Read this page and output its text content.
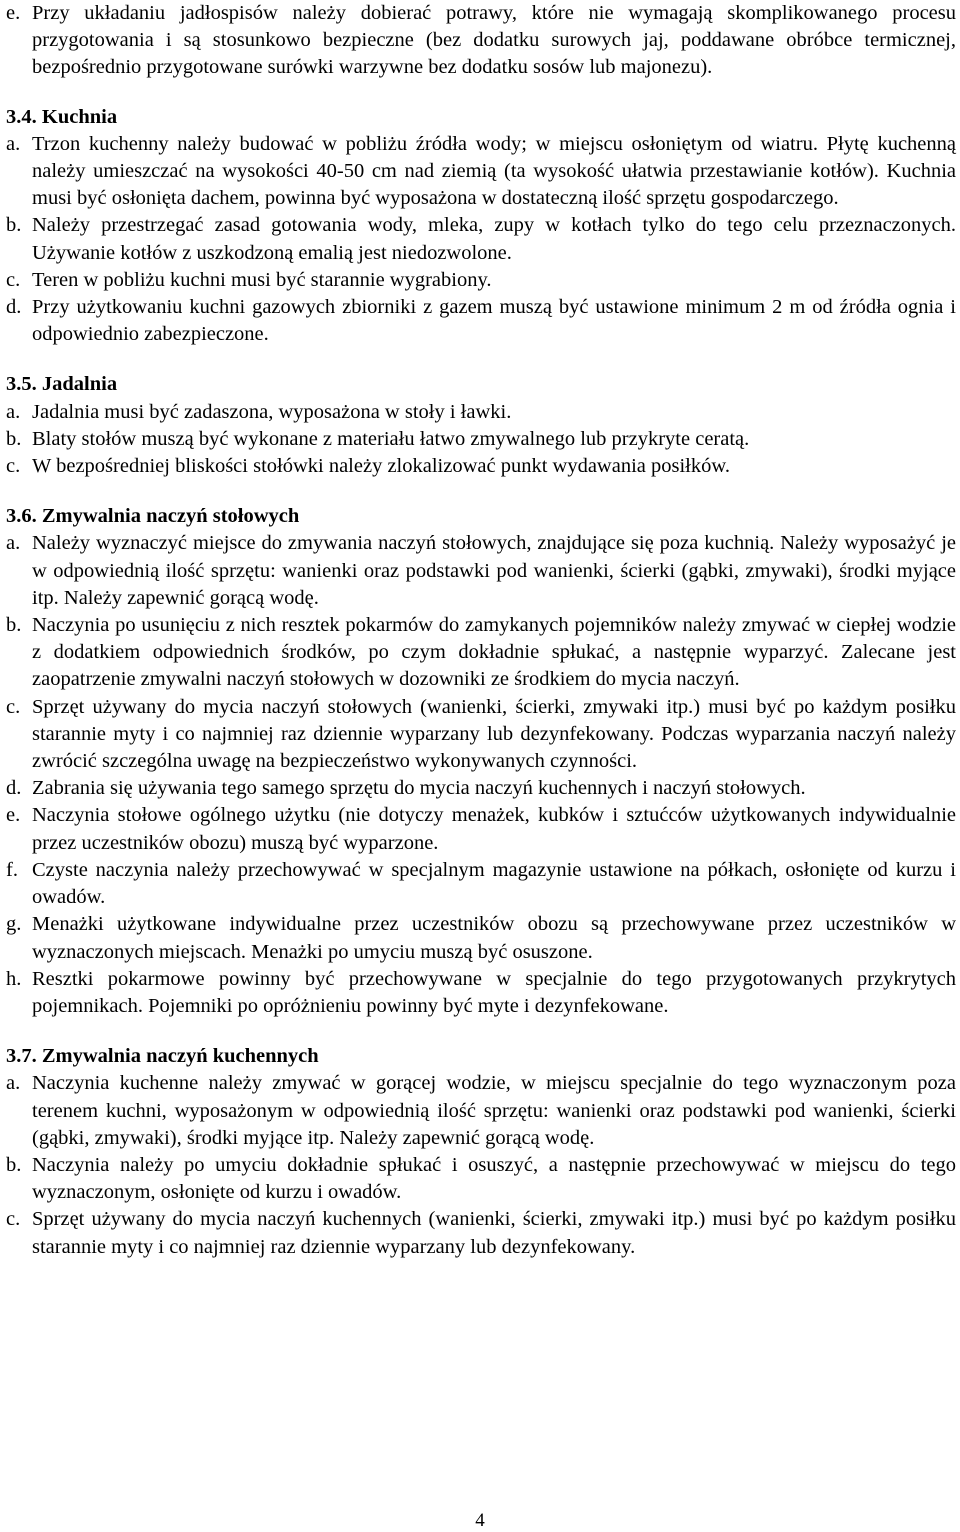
e. Przy układaniu jadłospisów należy dobierać potrawy, które nie wymagają skomplikowanego procesu przygotowania i są stosunkowo bezpieczne (bez dodatku surowych jaj, poddawane obróbce termicznej, bezpośrednio przygotowane surówki warzywne bez dodatku sosów lub majonezu).
3.4. Kuchnia
a. Trzon kuchenny należy budować w pobliżu źródła wody; w miejscu osłoniętym od wiatru. Płytę kuchenną należy umieszczać na wysokości 40-50 cm nad ziemią (ta wysokość ułatwia przestawianie kotłów). Kuchnia musi być osłonięta dachem, powinna być wyposażona w dostateczną ilość sprzętu gospodarczego.
b. Należy przestrzegać zasad gotowania wody, mleka, zupy w kotłach tylko do tego celu przeznaczonych. Używanie kotłów z uszkodzoną emalią jest niedozwolone.
c. Teren w pobliżu kuchni musi być starannie wygrabiony.
d. Przy użytkowaniu kuchni gazowych zbiorniki z gazem muszą być ustawione minimum 2 m od źródła ognia i odpowiednio zabezpieczone.
3.5. Jadalnia
a. Jadalnia musi być zadaszona, wyposażona w stoły i ławki.
b. Blaty stołów muszą być wykonane z materiału łatwo zmywalnego lub przykryte ceratą.
c. W bezpośredniej bliskości stołówki należy zlokalizować punkt wydawania posiłków.
3.6. Zmywalnia naczyń stołowych
a. Należy wyznaczyć miejsce do zmywania naczyń stołowych, znajdujące się poza kuchnią. Należy wyposażyć je w odpowiednią ilość sprzętu: wanienki oraz podstawki pod wanienki, ścierki (gąbki, zmywaki), środki myjące itp. Należy zapewnić gorącą wodę.
b. Naczynia po usunięciu z nich resztek pokarmów do zamykanych pojemników należy zmywać w ciepłej wodzie z dodatkiem odpowiednich środków, po czym dokładnie spłukać, a następnie wyparzyć. Zalecane jest zaopatrzenie zmywalni naczyń stołowych w dozowniki ze środkiem do mycia naczyń.
c. Sprzęt używany do mycia naczyń stołowych (wanienki, ścierki, zmywaki itp.) musi być po każdym posiłku starannie myty i co najmniej raz dziennie wyparzany lub dezynfekowany. Podczas wyparzania naczyń należy zwrócić szczególna uwagę na bezpieczeństwo wykonywanych czynności.
d. Zabrania się używania tego samego sprzętu do mycia naczyń kuchennych i naczyń stołowych.
e. Naczynia stołowe ogólnego użytku (nie dotyczy menażek, kubków i sztućców użytkowanych indywidualnie przez uczestników obozu) muszą być wyparzone.
f. Czyste naczynia należy przechowywać w specjalnym magazynie ustawione na półkach, osłonięte od kurzu i owadów.
g. Menażki użytkowane indywidualne przez uczestników obozu są przechowywane przez uczestników w wyznaczonych miejscach. Menażki po umyciu muszą być osuszone.
h. Resztki pokarmowe powinny być przechowywane w specjalnie do tego przygotowanych przykrytych pojemnikach. Pojemniki po opróżnieniu powinny być myte i dezynfekowane.
3.7. Zmywalnia naczyń kuchennych
a. Naczynia kuchenne należy zmywać w gorącej wodzie, w miejscu specjalnie do tego wyznaczonym poza terenem kuchni, wyposażonym w odpowiednią ilość sprzętu: wanienki oraz podstawki pod wanienki, ścierki (gąbki, zmywaki), środki myjące itp. Należy zapewnić gorącą wodę.
b. Naczynia należy po umyciu dokładnie spłukać i osuszyć, a następnie przechowywać w miejscu do tego wyznaczonym, osłonięte od kurzu i owadów.
c. Sprzęt używany do mycia naczyń kuchennych (wanienki, ścierki, zmywaki itp.) musi być po każdym posiłku starannie myty i co najmniej raz dziennie wyparzany lub dezynfekowany.
4
